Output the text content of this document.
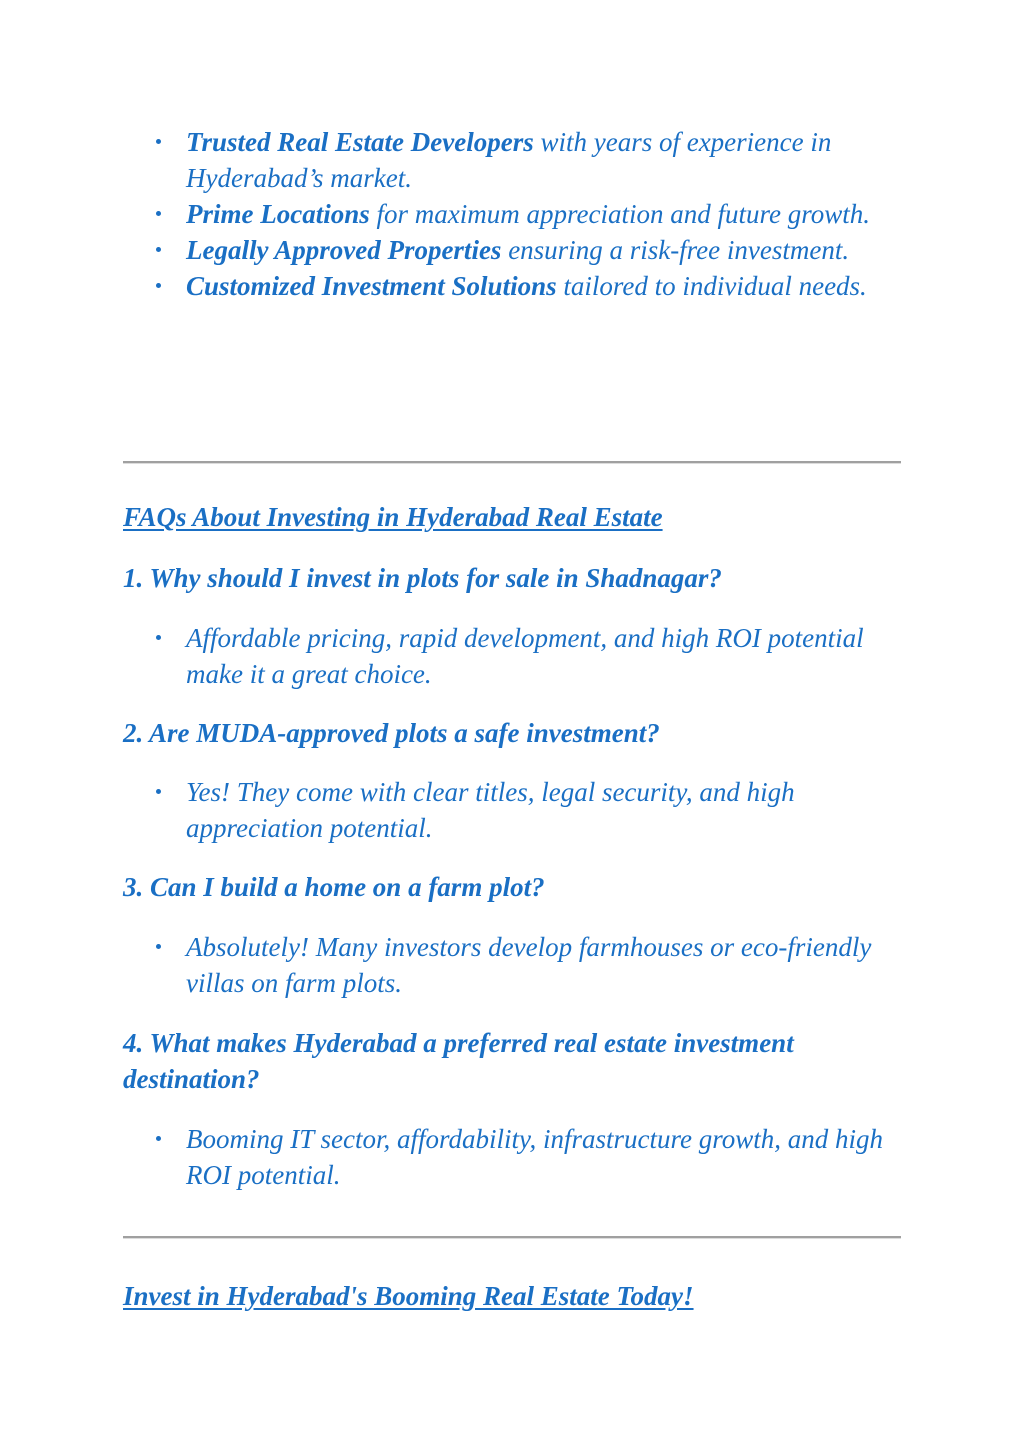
Trusted Real Estate Developers with years of experience in Hyderabad’s market.
Prime Locations for maximum appreciation and future growth.
Legally Approved Properties ensuring a risk-free investment.
Customized Investment Solutions tailored to individual needs.
FAQs About Investing in Hyderabad Real Estate

1. Why should I invest in plots for sale in Shadnagar?

Affordable pricing, rapid development, and high ROI potential make it a great choice.

2. Are MUDA-approved plots a safe investment?

Yes! They come with clear titles, legal security, and high appreciation potential.

3. Can I build a home on a farm plot?

Absolutely! Many investors develop farmhouses or eco-friendly villas on farm plots.

4. What makes Hyderabad a preferred real estate investment destination?

Booming IT sector, affordability, infrastructure growth, and high ROI potential.
Invest in Hyderabad's Booming Real Estate Today!
